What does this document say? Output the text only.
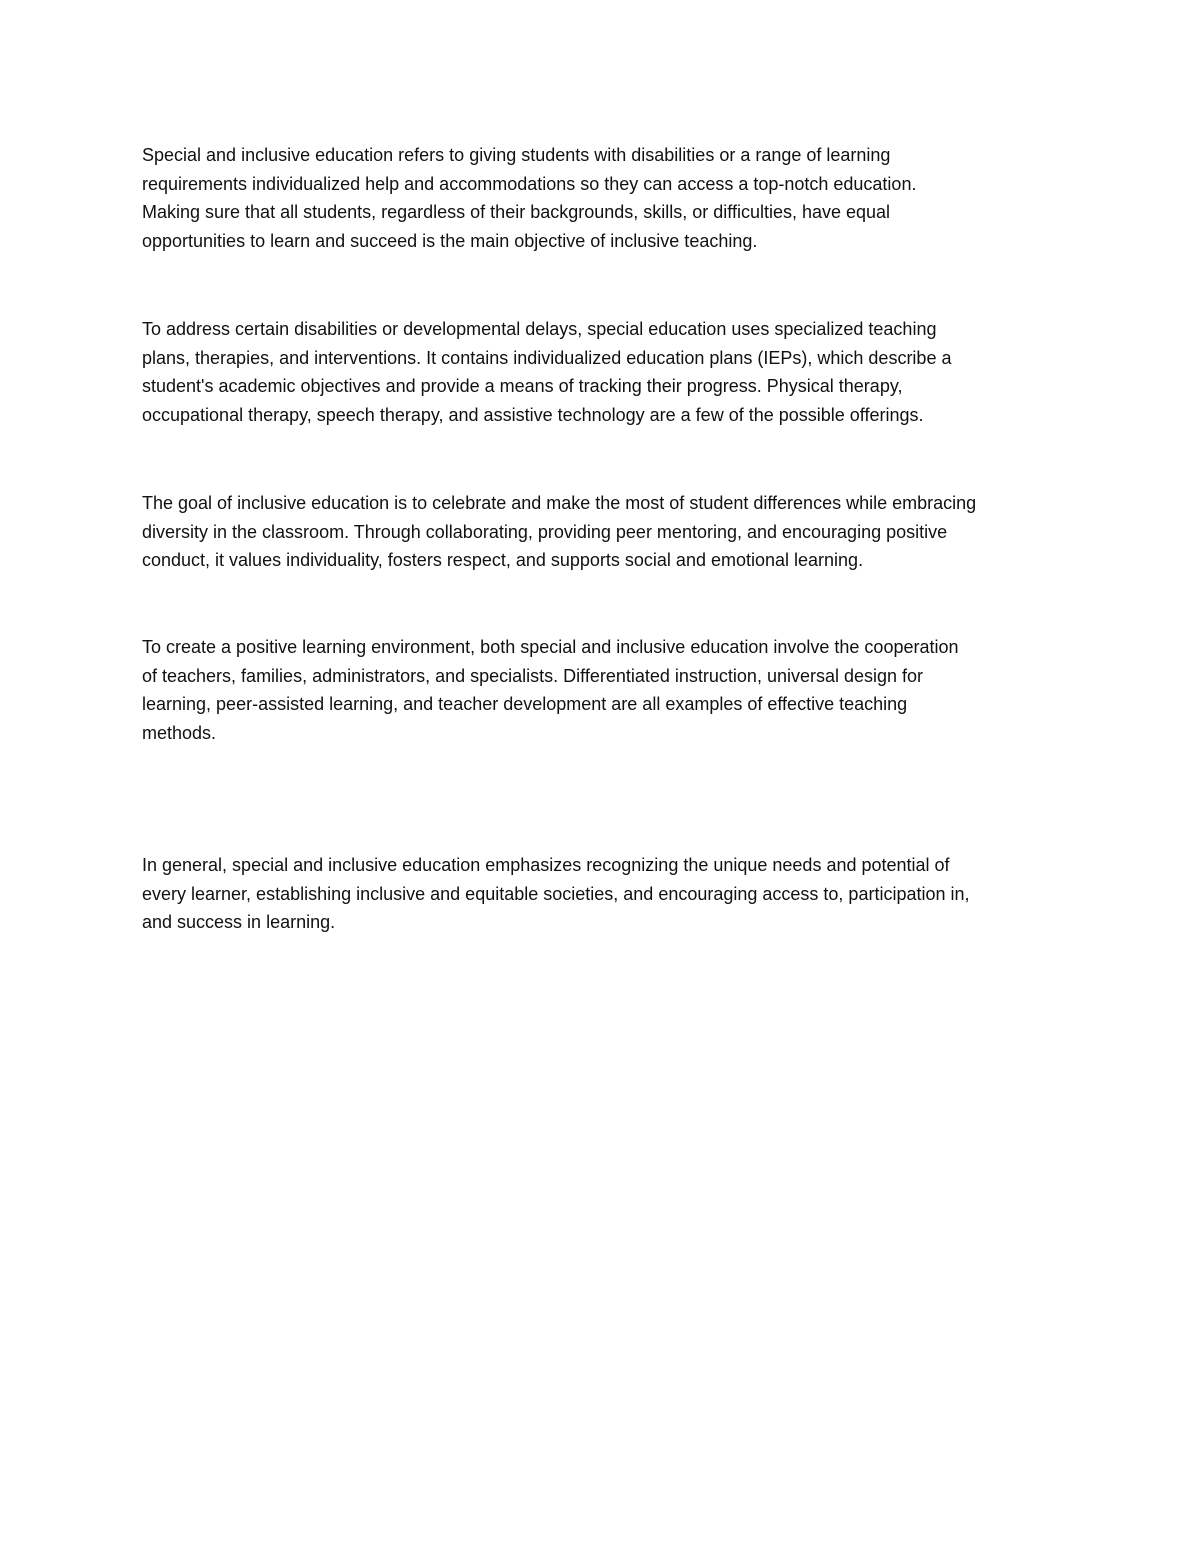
Special and inclusive education refers to giving students with disabilities or a range of learning
requirements individualized help and accommodations so they can access a top-notch education.
Making sure that all students, regardless of their backgrounds, skills, or difficulties, have equal
opportunities to learn and succeed is the main objective of inclusive teaching.
To address certain disabilities or developmental delays, special education uses specialized teaching
plans, therapies, and interventions. It contains individualized education plans (IEPs), which describe a
student's academic objectives and provide a means of tracking their progress. Physical therapy,
occupational therapy, speech therapy, and assistive technology are a few of the possible offerings.
The goal of inclusive education is to celebrate and make the most of student differences while embracing
diversity in the classroom. Through collaborating, providing peer mentoring, and encouraging positive
conduct, it values individuality, fosters respect, and supports social and emotional learning.
To create a positive learning environment, both special and inclusive education involve the cooperation
of teachers, families, administrators, and specialists. Differentiated instruction, universal design for
learning, peer-assisted learning, and teacher development are all examples of effective teaching
methods.
In general, special and inclusive education emphasizes recognizing the unique needs and potential of
every learner, establishing inclusive and equitable societies, and encouraging access to, participation in,
and success in learning.
